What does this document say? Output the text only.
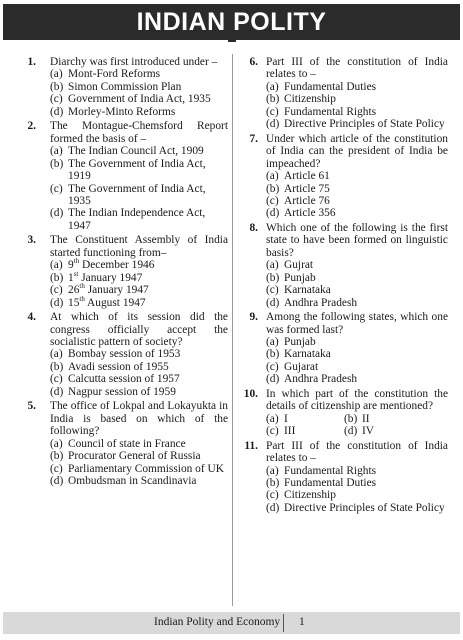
INDIAN POLITY
1.	Diarchy was first introduced under –
(a) Mont-Ford Reforms
(b) Simon Commission Plan
(c) Government of India Act, 1935
(d) Morley-Minto Reforms
2.	The Montague-Chemsford Report formed the basis of –
(a) The Indian Council Act, 1909
(b) The Government of India Act, 1919
(c) The Government of India Act, 1935
(d) The Indian Independence Act, 1947
3.	The Constituent Assembly of India started functioning from–
(a) 9th December 1946
(b) 1st January 1947
(c) 26th January 1947
(d) 15th August 1947
4.	At which of its session did the congress officially accept the socialistic pattern of society?
(a) Bombay session of 1953
(b) Avadi session of 1955
(c) Calcutta session of 1957
(d) Nagpur session of 1959
5.	The office of Lokpal and Lokayukta in India is based on which of the following?
(a) Council of state in France
(b) Procurator General of Russia
(c) Parliamentary Commission of UK
(d) Ombudsman in Scandinavia
6. Part III of the constitution of India relates to –
(a) Fundamental Duties
(b) Citizenship
(c) Fundamental Rights
(d) Directive Principles of State Policy
7. Under which article of the constitution of India can the president of India be impeached?
(a) Article 61
(b) Article 75
(c) Article 76
(d) Article 356
8. Which one of the following is the first state to have been formed on linguistic basis?
(a) Gujrat
(b) Punjab
(c) Karnataka
(d) Andhra Pradesh
9. Among the following states, which one was formed last?
(a) Punjab
(b) Karnataka
(c) Gujarat
(d) Andhra Pradesh
10. In which part of the constitution the details of citizenship are mentioned?
(a) I	(b) II
(c) III	(d) IV
11. Part III of the constitution of India relates to –
(a) Fundamental Rights
(b) Fundamental Duties
(c) Citizenship
(d) Directive Principles of State Policy
Indian Polity and Economy 1
